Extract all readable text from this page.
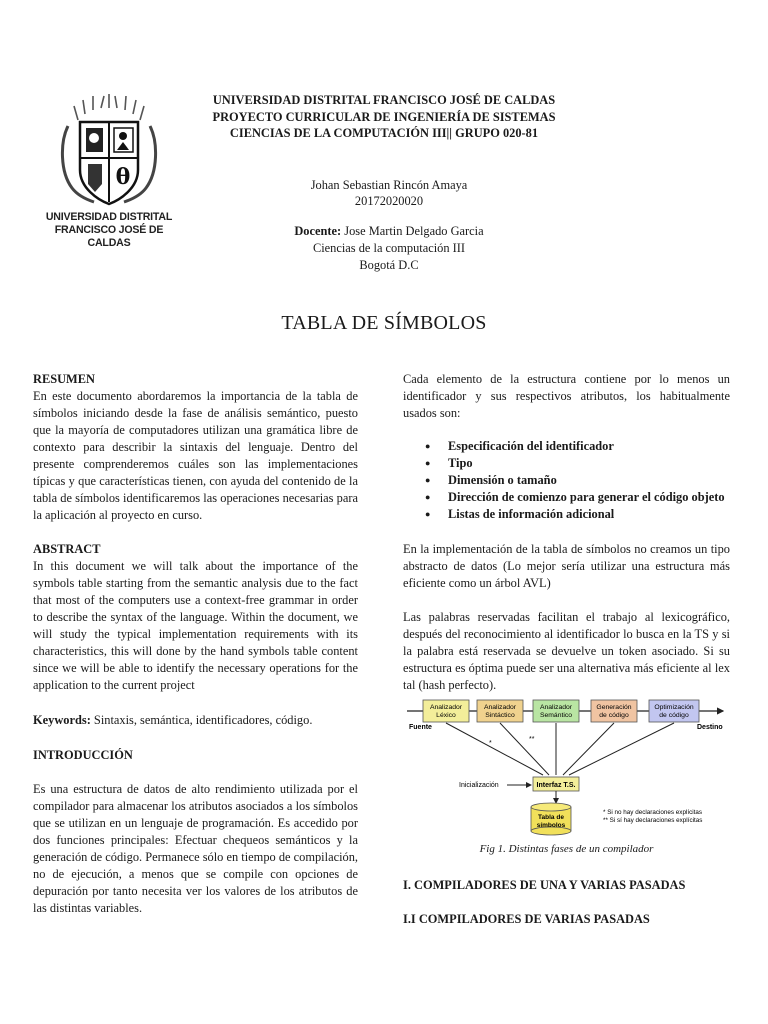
θ
UNIVERSIDAD DISTRITAL
FRANCISCO JOSÉ DE CALDAS
UNIVERSIDAD DISTRITAL FRANCISCO JOSÉ DE CALDAS
PROYECTO CURRICULAR DE INGENIERÍA DE SISTEMAS
CIENCIAS DE LA COMPUTACIÓN III|| GRUPO 020-81
Johan Sebastian Rincón Amaya
20172020020
Docente: Jose Martin Delgado Garcia
Ciencias de la computación III
Bogotá D.C
TABLA DE SÍMBOLOS
RESUMEN

En este documento abordaremos la importancia de la tabla de símbolos iniciando desde la fase de análisis semántico, puesto que la mayoría de computadores utilizan una gramática libre de contexto para describir la sintaxis del lenguaje. Dentro del presente comprenderemos cuáles son las implementaciones típicas y que características tienen, con ayuda del contenido de la tabla de símbolos identificaremos las operaciones necesarias para la aplicación al proyecto en curso.

ABSTRACT

In this document we will talk about the importance of the symbols table starting from the semantic analysis due to the fact that most of the computers use a context-free grammar in order to describe the syntax of the language. Within the document, we will study the typical implementation requirements with its characteristics, this will done by the hand symbols table content since we will be able to identify the necessary operations for the application to the current project

Keywords: Sintaxis, semántica, identificadores, código.
INTRODUCCIÓN

Es una estructura de datos de alto rendimiento utilizada por el compilador para almacenar los atributos asociados a los símbolos que se utilizan en un lenguaje de programación. Es accedido por dos funciones principales: Efectuar chequeos semánticos y la generación de código. Permanece sólo en tiempo de compilación, no de ejecución, a menos que se compile con opciones de depuración por tanto necesita ver los valores de los atributos de las distintas variables.

Cada elemento de la estructura contiene por lo menos un identificador y sus respectivos atributos, los habitualmente usados son:

● Especificación del identificador
● Tipo
● Dimensión o tamaño
● Dirección de comienzo para generar el código objeto
● Listas de información adicional

En la implementación de la tabla de símbolos no creamos un tipo abstracto de datos (Lo mejor sería utilizar una estructura más eficiente como un árbol AVL)

Las palabras reservadas facilitan el trabajo al lexicográfico, después del reconocimiento al identificador lo busca en la TS y si la palabra está reservada se devuelve un token asociado. Si su estructura es óptima puede ser una alternativa más eficiente al lex tal (hash perfecto).

Analizador
Léxico
Analizador
Sintáctico
Analizador
Semántico
Generación
de código
Optimización
de código
Fuente	Destino
*
**
Inicialización	Interfaz T.S.
Tabla de
símbolos
* Si no hay declaraciones explícitas
** Si sí hay declaraciones explícitas
Fig 1. Distintas fases de un compilador
I. COMPILADORES DE UNA Y VARIAS PASADAS
I.I COMPILADORES DE VARIAS PASADAS
